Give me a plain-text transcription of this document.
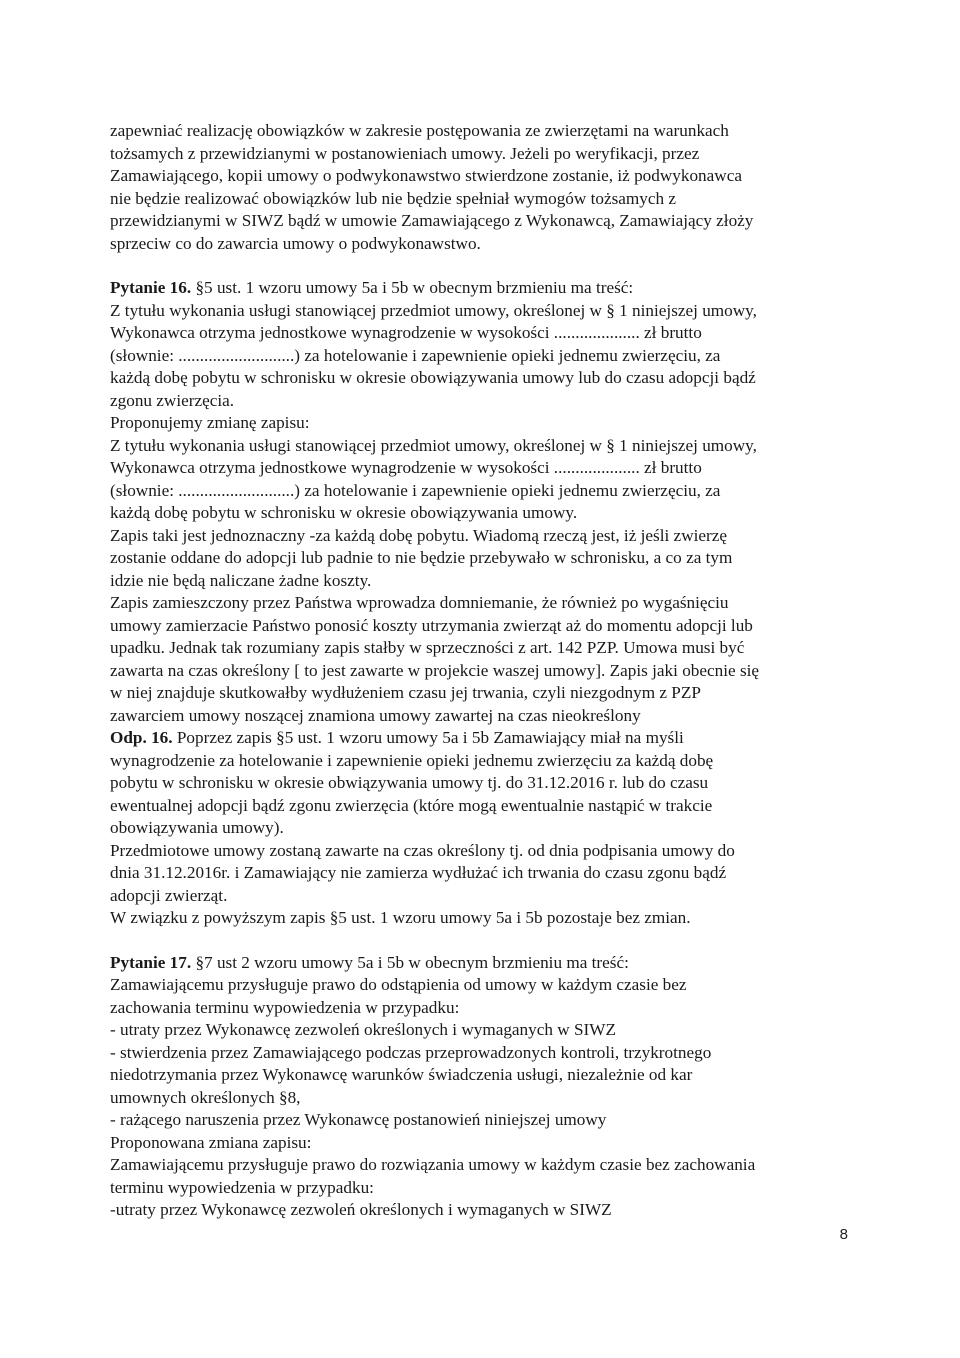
zapewniać realizację obowiązków w zakresie postępowania ze zwierzętami na warunkach

tożsamych z przewidzianymi w postanowieniach umowy. Jeżeli po weryfikacji, przez

Zamawiającego, kopii umowy o podwykonawstwo stwierdzone zostanie, iż podwykonawca

nie będzie realizować obowiązków lub nie będzie spełniał wymogów tożsamych z

przewidzianymi w SIWZ bądź w umowie Zamawiającego z Wykonawcą, Zamawiający złoży

sprzeciw co do zawarcia umowy o podwykonawstwo.

Pytanie 16. §5 ust. 1 wzoru umowy 5a i 5b w obecnym brzmieniu ma treść:

Z tytułu wykonania usługi stanowiącej przedmiot umowy, określonej w § 1 niniejszej umowy,

Wykonawca otrzyma jednostkowe wynagrodzenie w wysokości .................... zł brutto

(słownie: ...........................) za hotelowanie i zapewnienie opieki jednemu zwierzęciu, za

każdą dobę pobytu w schronisku w okresie obowiązywania umowy lub do czasu adopcji bądź

zgonu zwierzęcia.

Proponujemy zmianę zapisu:

Z tytułu wykonania usługi stanowiącej przedmiot umowy, określonej w § 1 niniejszej umowy,

Wykonawca otrzyma jednostkowe wynagrodzenie w wysokości .................... zł brutto

(słownie: ...........................) za hotelowanie i zapewnienie opieki jednemu zwierzęciu, za

każdą dobę pobytu w schronisku w okresie obowiązywania umowy.

Zapis taki jest jednoznaczny -za każdą dobę pobytu. Wiadomą rzeczą jest, iż jeśli zwierzę

zostanie oddane do adopcji lub padnie to nie będzie przebywało w schronisku, a co za tym

idzie nie będą naliczane żadne koszty.

Zapis zamieszczony przez Państwa wprowadza domniemanie, że również po wygaśnięciu

umowy zamierzacie Państwo ponosić koszty utrzymania zwierząt aż do momentu adopcji lub

upadku. Jednak tak rozumiany zapis stałby w sprzeczności z art. 142 PZP. Umowa musi być

zawarta na czas określony [ to jest zawarte w projekcie waszej umowy]. Zapis jaki obecnie się

w niej znajduje skutkowałby wydłużeniem czasu jej trwania, czyli niezgodnym z PZP

zawarciem umowy noszącej znamiona umowy zawartej na czas nieokreślony

Odp. 16. Poprzez zapis §5 ust. 1 wzoru umowy 5a i 5b Zamawiający miał na myśli

wynagrodzenie za hotelowanie i zapewnienie opieki jednemu zwierzęciu za każdą dobę

pobytu w schronisku w okresie obwiązywania umowy tj. do 31.12.2016 r. lub do czasu

ewentualnej adopcji bądź zgonu zwierzęcia (które mogą ewentualnie nastąpić w trakcie

obowiązywania umowy).

Przedmiotowe umowy zostaną zawarte na czas określony tj. od dnia podpisania umowy do

dnia 31.12.2016r. i Zamawiający nie zamierza wydłużać ich trwania do czasu zgonu bądź

adopcji zwierząt.

W związku z powyższym zapis §5 ust. 1 wzoru umowy 5a i 5b pozostaje bez zmian.

Pytanie 17. §7 ust 2 wzoru umowy 5a i 5b w obecnym brzmieniu ma treść:

Zamawiającemu przysługuje prawo do odstąpienia od umowy w każdym czasie bez

zachowania terminu wypowiedzenia w przypadku:

- utraty przez Wykonawcę zezwoleń określonych i wymaganych w SIWZ

- stwierdzenia przez Zamawiającego podczas przeprowadzonych kontroli, trzykrotnego

niedotrzymania przez Wykonawcę warunków świadczenia usługi, niezależnie od kar

umownych określonych §8,

- rażącego naruszenia przez Wykonawcę postanowień niniejszej umowy

Proponowana zmiana zapisu:

Zamawiającemu przysługuje prawo do rozwiązania umowy w każdym czasie bez zachowania

terminu wypowiedzenia w przypadku:

-utraty przez Wykonawcę zezwoleń określonych i wymaganych w SIWZ

8
